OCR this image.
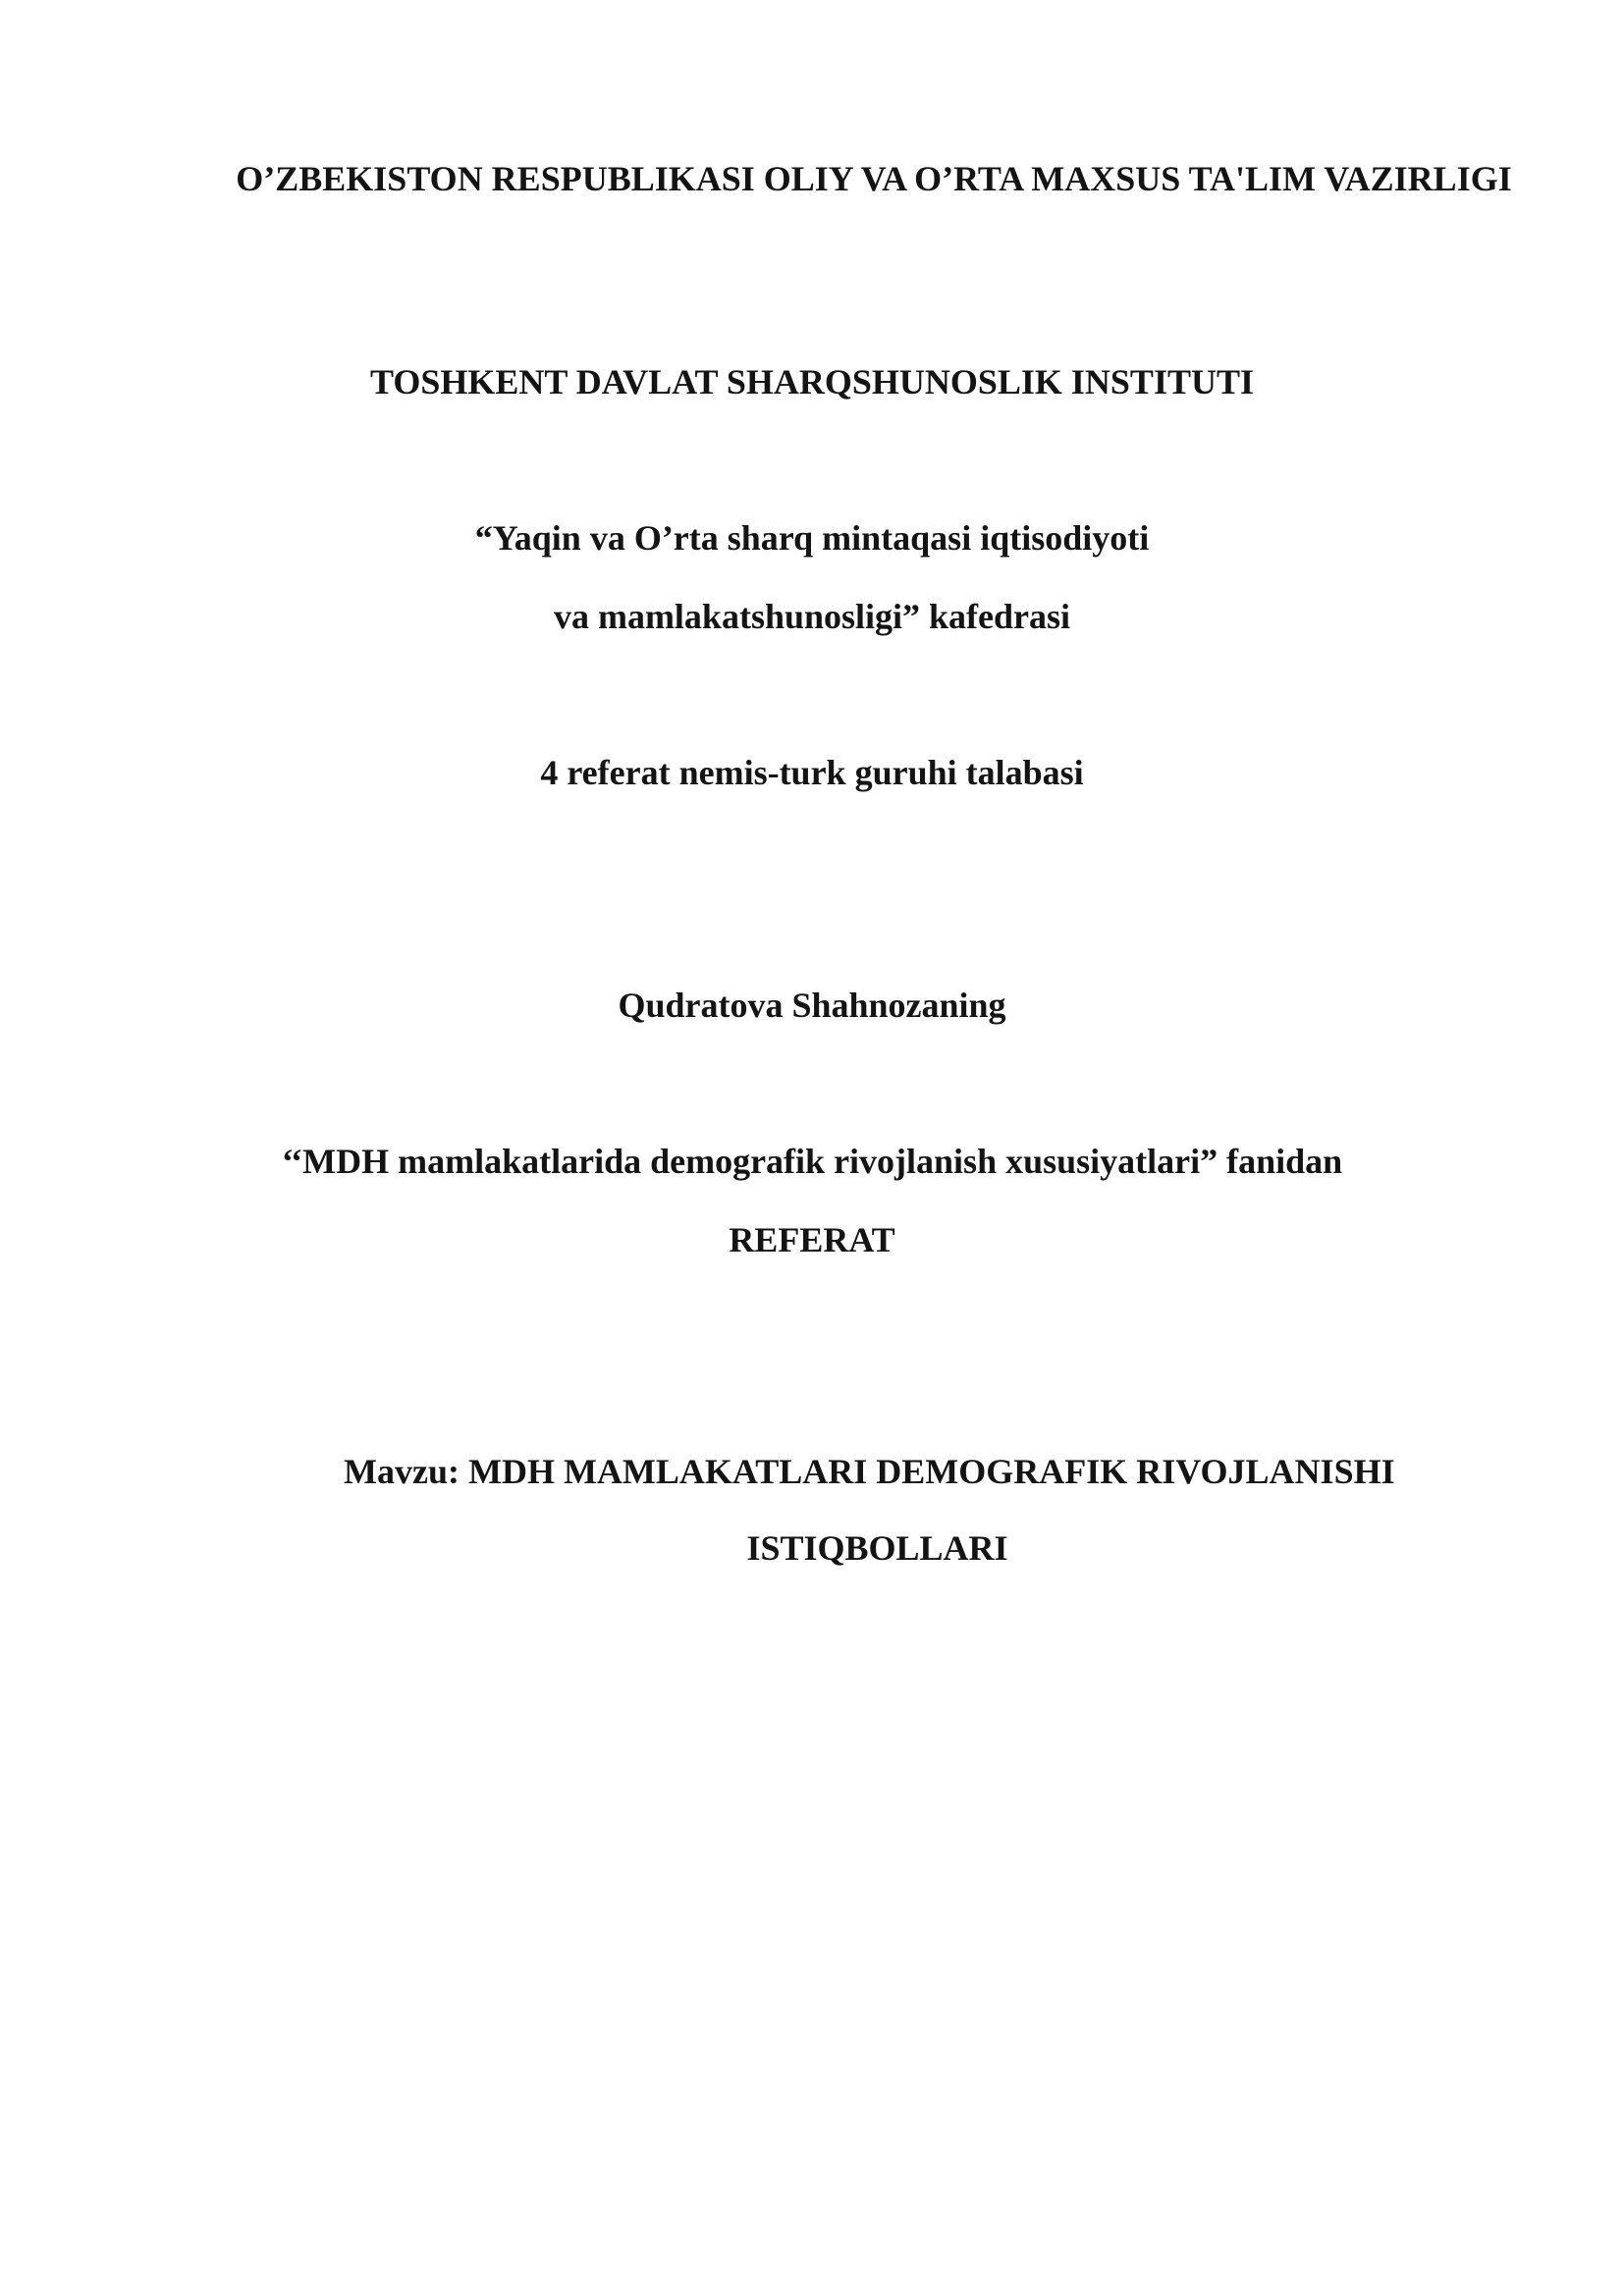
O’ZBEKISTON RESPUBLIKASI OLIY VA O’RTA MAXSUS TA'LIM VAZIRLIGI

TOSHKENT DAVLAT SHARQSHUNOSLIK INSTITUTI

“Yaqin va O’rta sharq mintaqasi iqtisodiyoti

va mamlakatshunosligi” kafedrasi

4 referat nemis-turk guruhi talabasi

Qudratova Shahnozaning

‘‘MDH mamlakatlarida demografik rivojlanish xususiyatlari” fanidan

REFERAT

Mavzu: MDH MAMLAKATLARI DEMOGRAFIK RIVOJLANISHI

ISTIQBOLLARI
